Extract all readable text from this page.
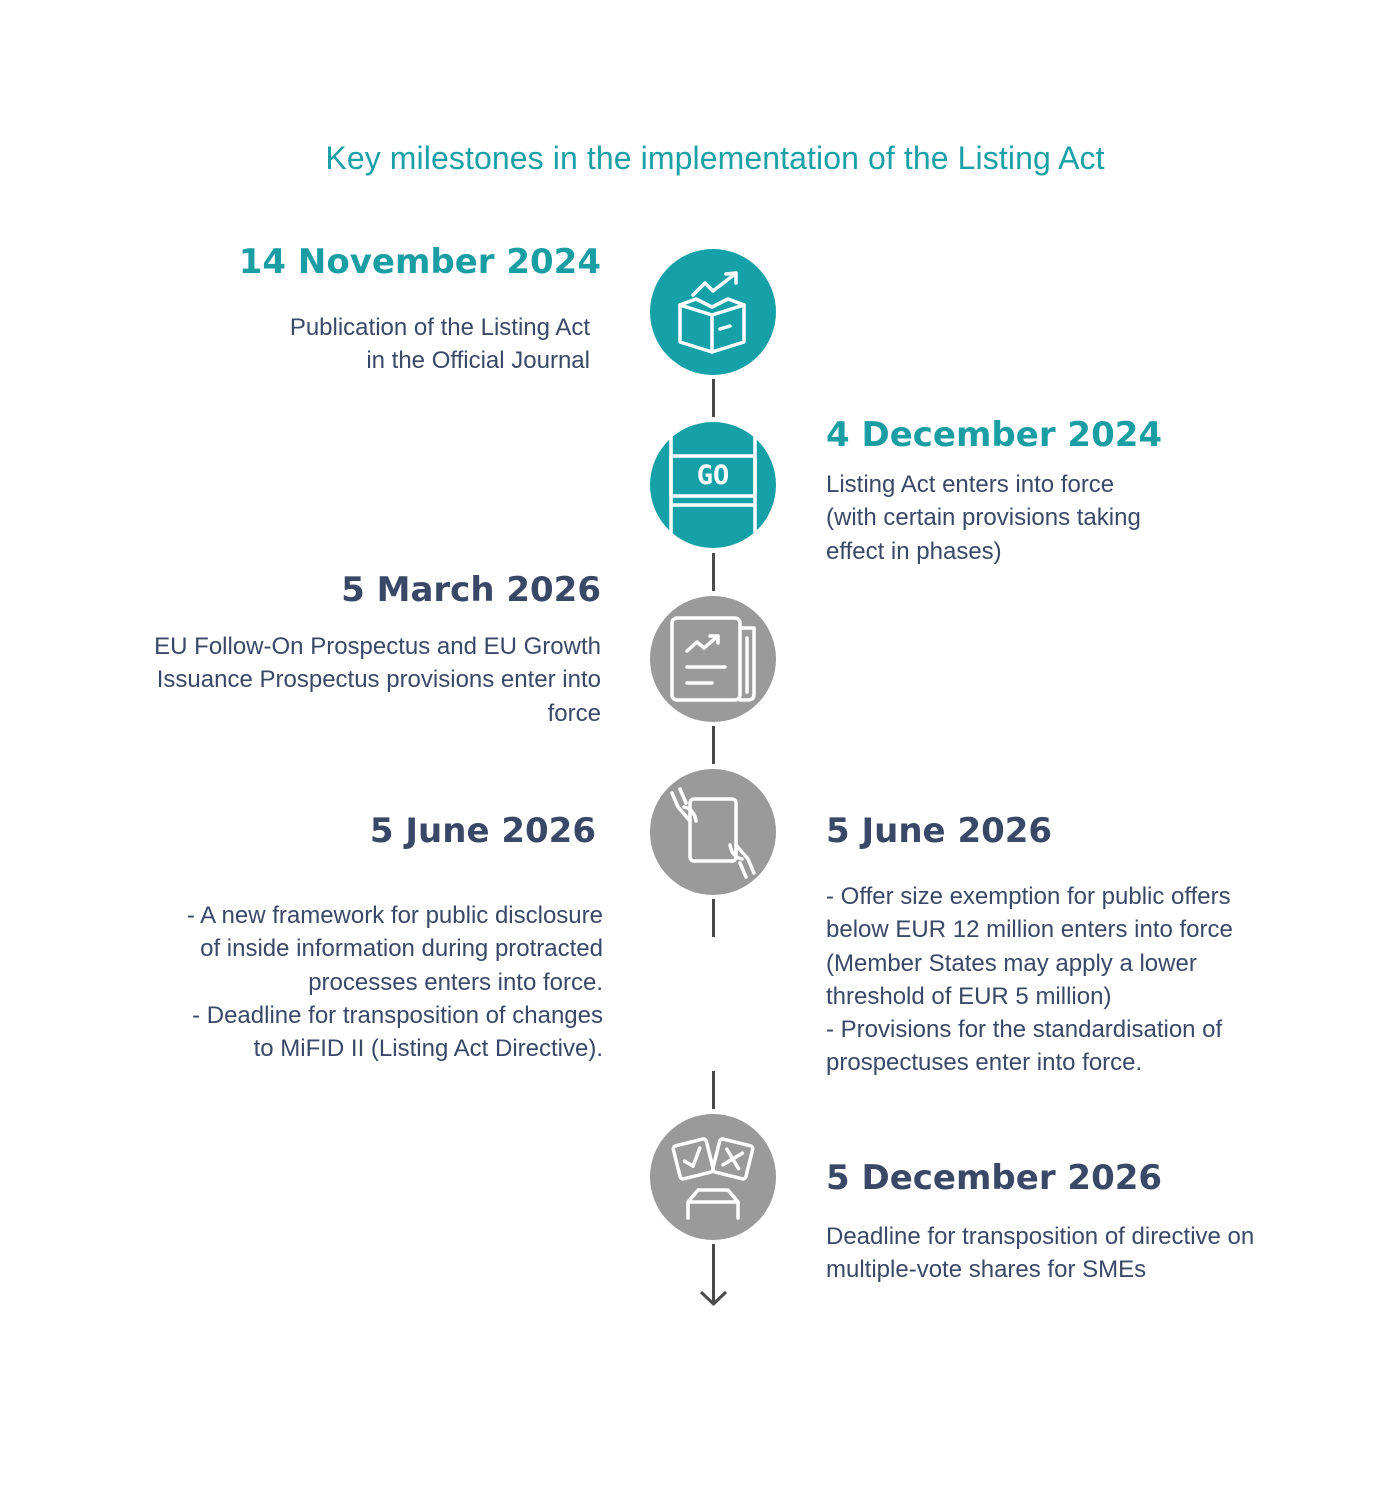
Key milestones in the implementation of the Listing Act
14 November 2024
Publication of the Listing Act
in the Official Journal
GO
4 December 2024
Listing Act enters into force
(with certain provisions taking
effect in phases)
5 March 2026
EU Follow-On Prospectus and EU Growth
Issuance Prospectus provisions enter into
force
5 June 2026	5 June 2026
- A new framework for public disclosure
of inside information during protracted
processes enters into force.
- Deadline for transposition of changes
to MiFID II (Listing Act Directive).
- Offer size exemption for public offers
below EUR 12 million enters into force
(Member States may apply a lower
threshold of EUR 5 million)
- Provisions for the standardisation of
prospectuses enter into force.
5 December 2026
Deadline for transposition of directive on
multiple-vote shares for SMEs
